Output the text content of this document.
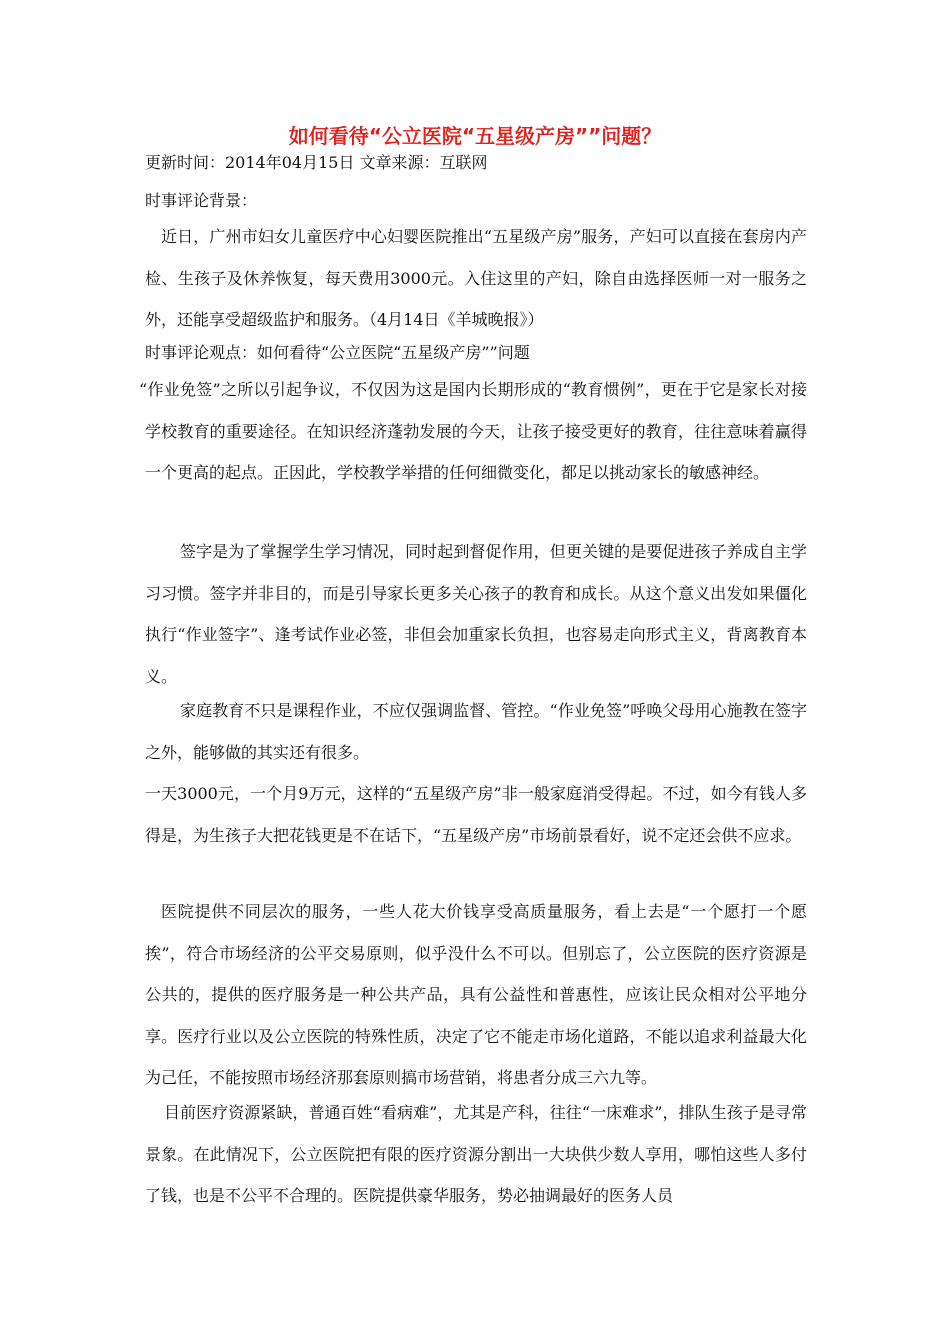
如何看待“公立医院“五星级产房””问题？
更新时间：2014年04月15日 文章来源：互联网
时事评论背景：
近日，广州市妇女儿童医疗中心妇婴医院推出“五星级产房”服务，产妇可以直接在套房内产检、生孩子及休养恢复，每天费用3000元。入住这里的产妇，除自由选择医师一对一服务之外，还能享受超级监护和服务。（4月14日《羊城晚报》）
时事评论观点：如何看待“公立医院“五星级产房””问题
“作业免签”之所以引起争议，不仅因为这是国内长期形成的“教育惯例”，更在于它是家长对接学校教育的重要途径。在知识经济蓬勃发展的今天，让孩子接受更好的教育，往往意味着赢得一个更高的起点。正因此，学校教学举措的任何细微变化，都足以挑动家长的敏感神经。
签字是为了掌握学生学习情况，同时起到督促作用，但更关键的是要促进孩子养成自主学习习惯。签字并非目的，而是引导家长更多关心孩子的教育和成长。从这个意义出发如果僵化执行“作业签字”、逢考试作业必签，非但会加重家长负担，也容易走向形式主义，背离教育本义。
家庭教育不只是课程作业，不应仅强调监督、管控。“作业免签”呼唤父母用心施教在签字之外，能够做的其实还有很多。
一天3000元，一个月9万元，这样的“五星级产房”非一般家庭消受得起。不过，如今有钱人多得是，为生孩子大把花钱更是不在话下，“五星级产房”市场前景看好，说不定还会供不应求。
医院提供不同层次的服务，一些人花大价钱享受高质量服务，看上去是“一个愿打一个愿挨”，符合市场经济的公平交易原则，似乎没什么不可以。但别忘了，公立医院的医疗资源是公共的，提供的医疗服务是一种公共产品，具有公益性和普惠性，应该让民众相对公平地分享。医疗行业以及公立医院的特殊性质，决定了它不能走市场化道路，不能以追求利益最大化为己任，不能按照市场经济那套原则搞市场营销，将患者分成三六九等。
目前医疗资源紧缺，普通百姓“看病难”，尤其是产科，往往“一床难求”，排队生孩子是寻常景象。在此情况下，公立医院把有限的医疗资源分割出一大块供少数人享用，哪怕这些人多付了钱，也是不公平不合理的。医院提供豪华服务，势必抽调最好的医务人员
